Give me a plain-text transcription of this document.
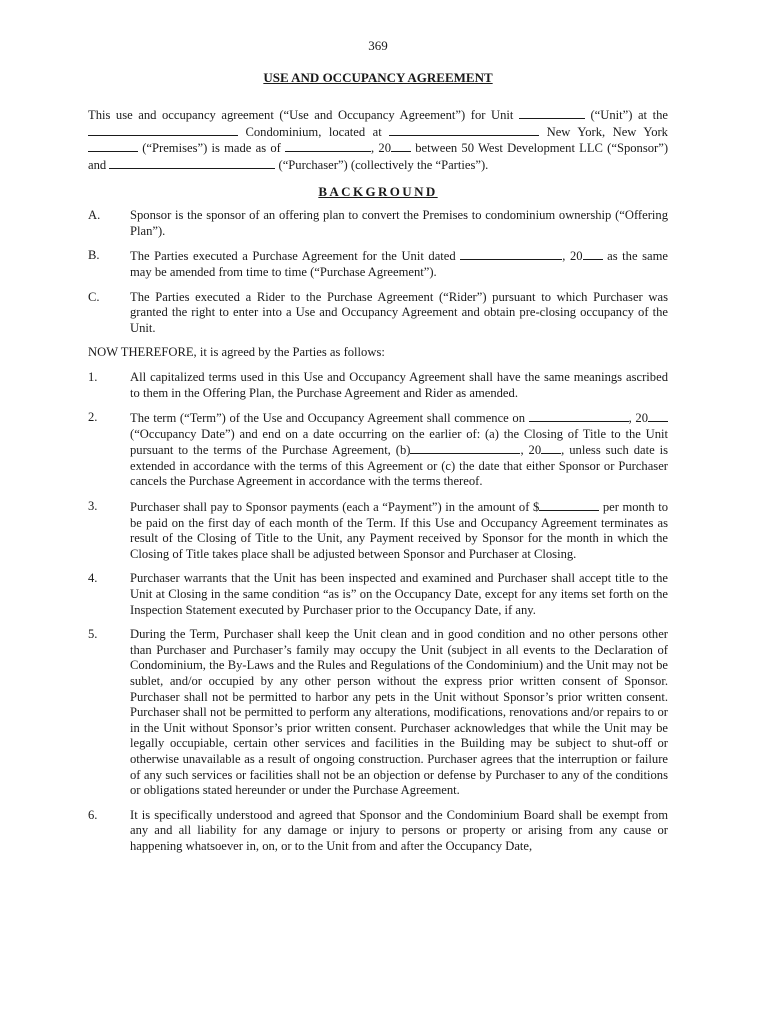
369
USE AND OCCUPANCY AGREEMENT

This use and occupancy agreement (“Use and Occupancy Agreement”) for Unit	(“Unit”) at the  Condominium, located at	New York, New York  (“Premises”) is made as of	, 20 between 50 West Development LLC (“Sponsor”) and	(“Purchaser”) (collectively the “Parties”).

BACKGROUND
A.	Sponsor is the sponsor of an offering plan to convert the Premises to condominium ownership (“Offering Plan”).
B.	The Parties executed a Purchase Agreement for the Unit dated	, 20 as the same may be amended from time to time (“Purchase Agreement”).
C.	The Parties executed a Rider to the Purchase Agreement (“Rider”) pursuant to which Purchaser was granted the right to enter into a Use and Occupancy Agreement and obtain pre-closing occupancy of the Unit.
NOW THEREFORE, it is agreed by the Parties as follows:
1.	All capitalized terms used in this Use and Occupancy Agreement shall have the same meanings ascribed to them in the Offering Plan, the Purchase Agreement and Rider as amended.
2.	The term (“Term”) of the Use and Occupancy Agreement shall commence on	, 20 (“Occupancy Date”) and end on a date occurring on the earlier of: (a) the Closing of Title to the Unit pursuant to the terms of the Purchase Agreement, (b)	, 20 , unless such date is extended in accordance with the terms of this Agreement or (c) the date that either Sponsor or Purchaser cancels the Purchase Agreement in accordance with the terms thereof.
3.	Purchaser shall pay to Sponsor payments (each a “Payment”) in the amount of $	per month to be paid on the first day of each month of the Term. If this Use and Occupancy Agreement terminates as result of the Closing of Title to the Unit, any Payment received by Sponsor for the month in which the Closing of Title takes place shall be adjusted between Sponsor and Purchaser at Closing.
4.	Purchaser warrants that the Unit has been inspected and examined and Purchaser shall accept title to the Unit at Closing in the same condition “as is” on the Occupancy Date, except for any items set forth on the Inspection Statement executed by Purchaser prior to the Occupancy Date, if any.
5.	During the Term, Purchaser shall keep the Unit clean and in good condition and no other persons other than Purchaser and Purchaser’s family may occupy the Unit (subject in all events to the Declaration of Condominium, the By-Laws and the Rules and Regulations of the Condominium) and the Unit may not be sublet, and/or occupied by any other person without the express prior written consent of Sponsor. Purchaser shall not be permitted to harbor any pets in the Unit without Sponsor’s prior written consent. Purchaser shall not be permitted to perform any alterations, modifications, renovations and/or repairs to or in the Unit without Sponsor’s prior written consent. Purchaser acknowledges that while the Unit may be legally occupiable, certain other services and facilities in the Building may be subject to shut-off or otherwise unavailable as a result of ongoing construction. Purchaser agrees that the interruption or failure of any such services or facilities shall not be an objection or defense by Purchaser to any of the conditions or obligations stated hereunder or under the Purchase Agreement.
6.	It is specifically understood and agreed that Sponsor and the Condominium Board shall be exempt from any and all liability for any damage or injury to persons or property or arising from any cause or happening whatsoever in, on, or to the Unit from and after the Occupancy Date,
